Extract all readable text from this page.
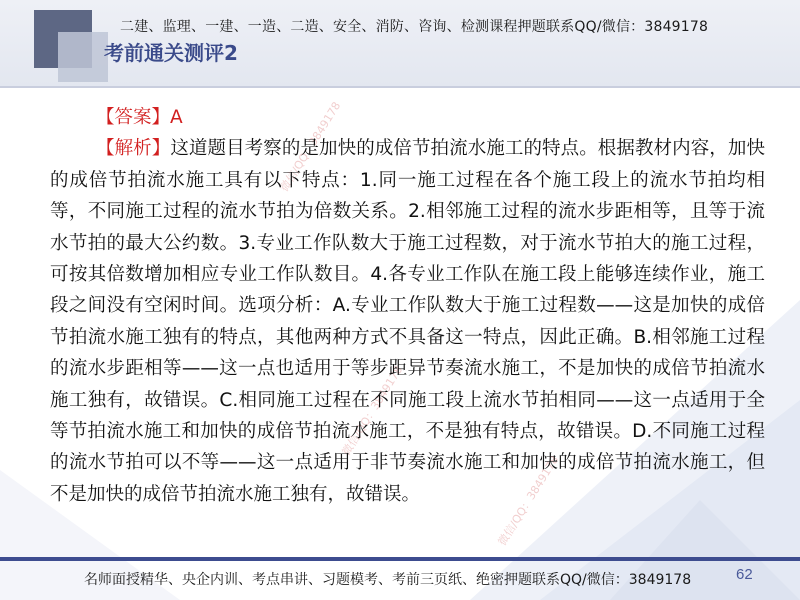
二建、监理、一建、一造、二造、安全、消防、咨询、检测课程押题联系QQ/微信：3849178
考前通关测评2
微信/QQ：3849178
微信/QQ：3849178
微信/QQ：3849178
【答案】A

【解析】这道题目考察的是加快的成倍节拍流水施工的特点。根据教材内容，加快的成倍节拍流水施工具有以下特点：1.同一施工过程在各个施工段上的流水节拍均相等，不同施工过程的流水节拍为倍数关系。2.相邻施工过程的流水步距相等，且等于流水节拍的最大公约数。3.专业工作队数大于施工过程数，对于流水节拍大的施工过程，可按其倍数增加相应专业工作队数目。4.各专业工作队在施工段上能够连续作业，施工段之间没有空闲时间。选项分析：A.专业工作队数大于施工过程数——这是加快的成倍节拍流水施工独有的特点，其他两种方式不具备这一特点，因此正确。B.相邻施工过程的流水步距相等——这一点也适用于等步距异节奏流水施工，不是加快的成倍节拍流水施工独有，故错误。C.相同施工过程在不同施工段上流水节拍相同——这一点适用于全等节拍流水施工和加快的成倍节拍流水施工，不是独有特点，故错误。D.不同施工过程的流水节拍可以不等——这一点适用于非节奏流水施工和加快的成倍节拍流水施工，但不是加快的成倍节拍流水施工独有，故错误。

名师面授精华、央企内训、考点串讲、习题模考、考前三页纸、绝密押题联系QQ/微信：3849178	62
